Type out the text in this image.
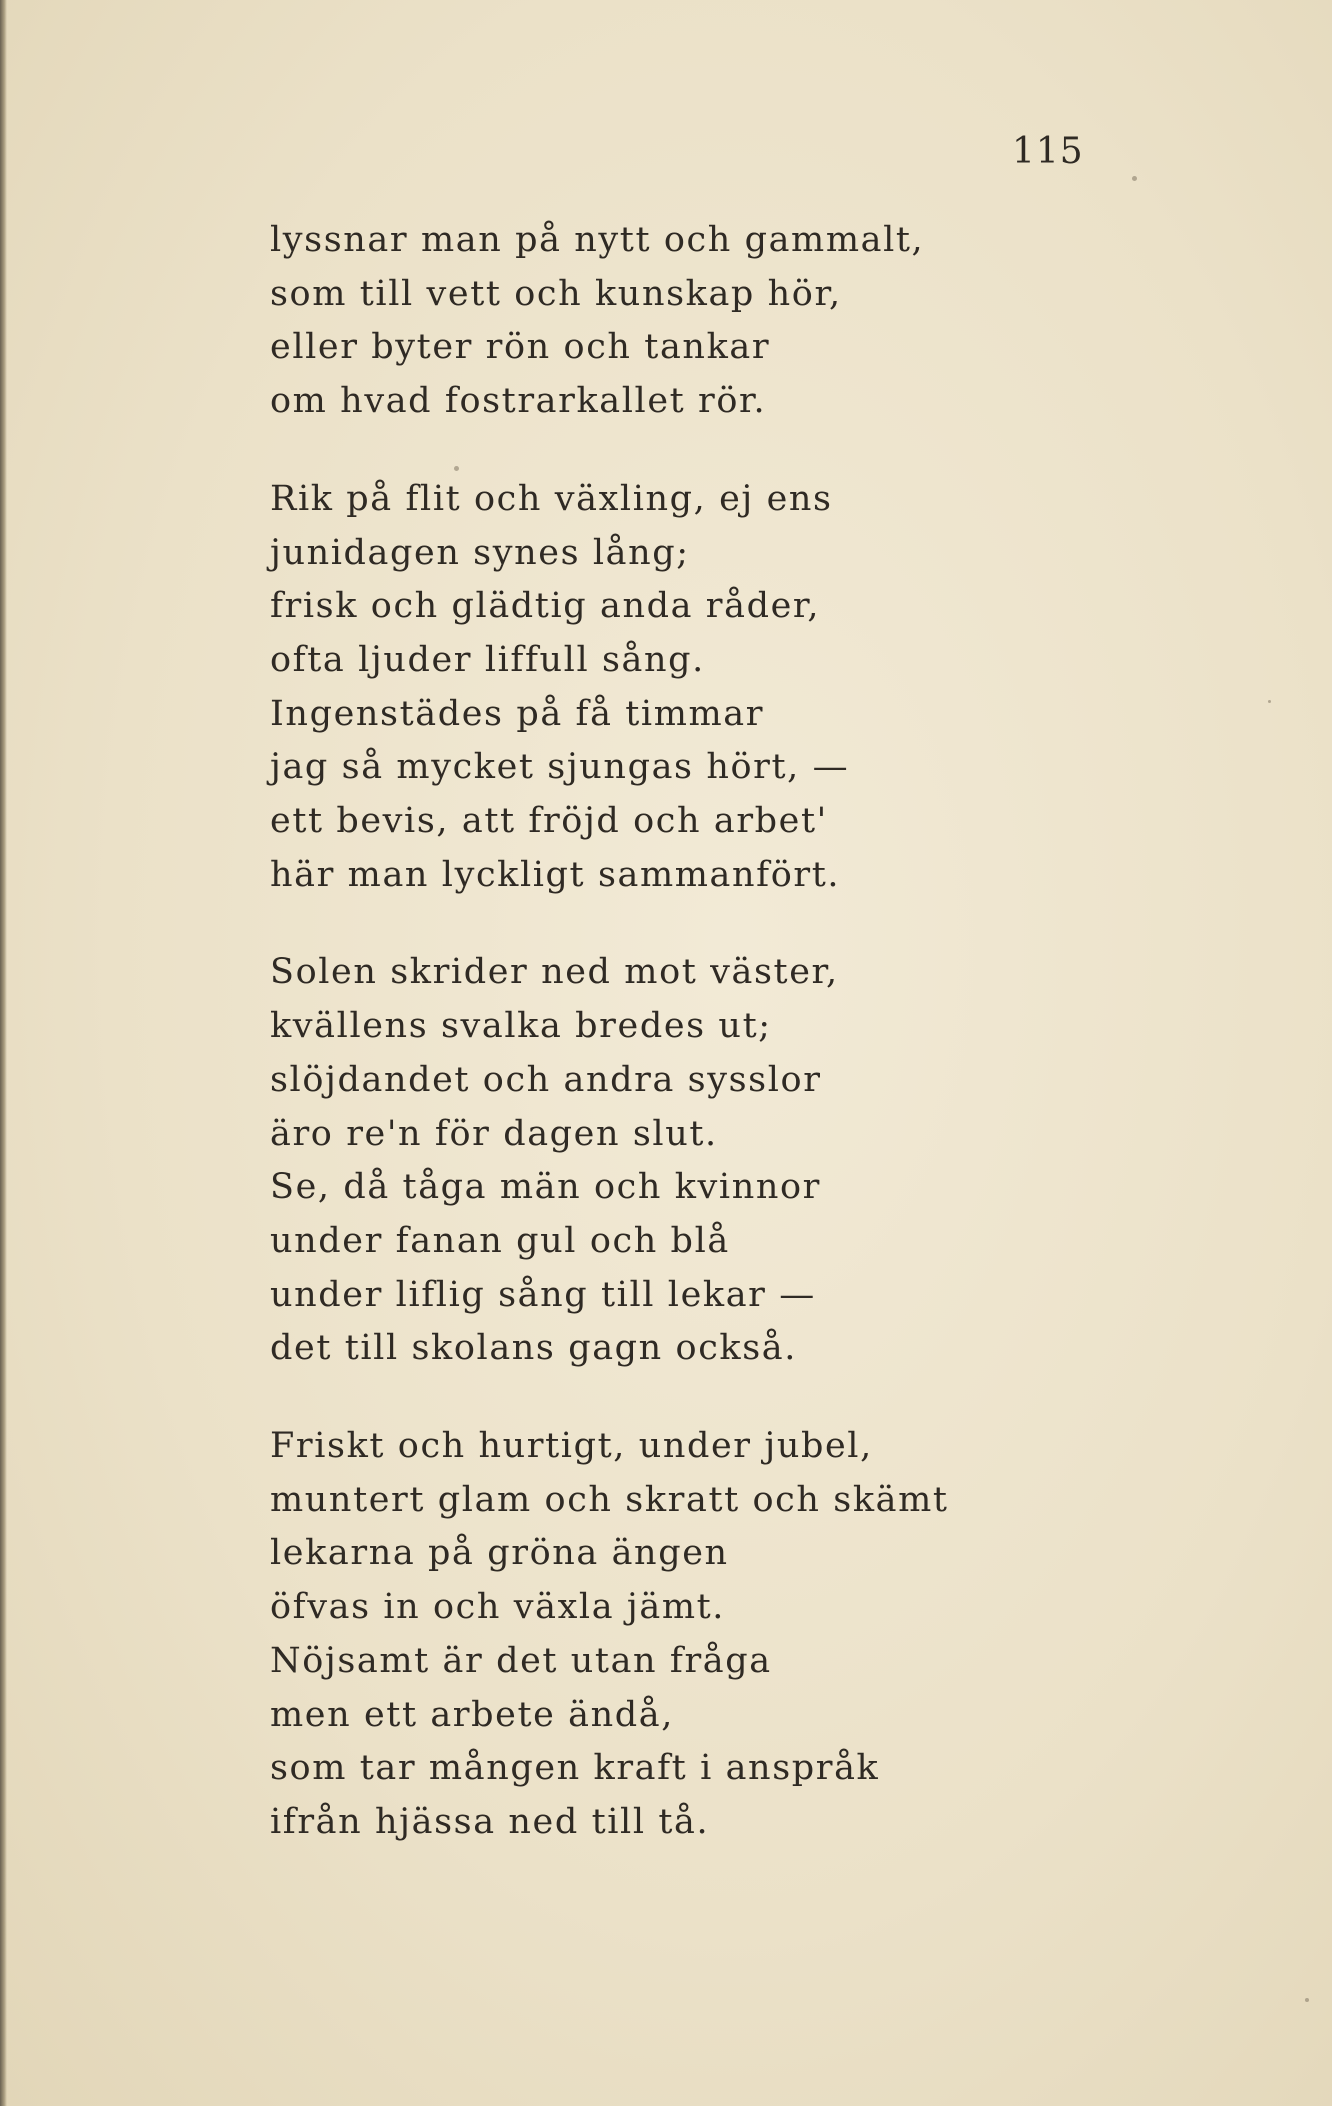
115
lyssnar man på nytt och gammalt,
som till vett och kunskap hör,
eller byter rön och tankar
om hvad fostrarkallet rör.
Rik på flit och växling, ej ens
junidagen synes lång;
frisk och glädtig anda råder,
ofta ljuder liffull sång.
Ingenstädes på få timmar
jag så mycket sjungas hört, —
ett bevis, att fröjd och arbet'
här man lyckligt sammanfört.
Solen skrider ned mot väster,
kvällens svalka bredes ut;
slöjdandet och andra sysslor
äro re'n för dagen slut.
Se, då tåga män och kvinnor
under fanan gul och blå
under liflig sång till lekar —
det till skolans gagn också.
Friskt och hurtigt, under jubel,
muntert glam och skratt och skämt
lekarna på gröna ängen
öfvas in och växla jämt.
Nöjsamt är det utan fråga
men ett arbete ändå,
som tar mången kraft i anspråk
ifrån hjässa ned till tå.
